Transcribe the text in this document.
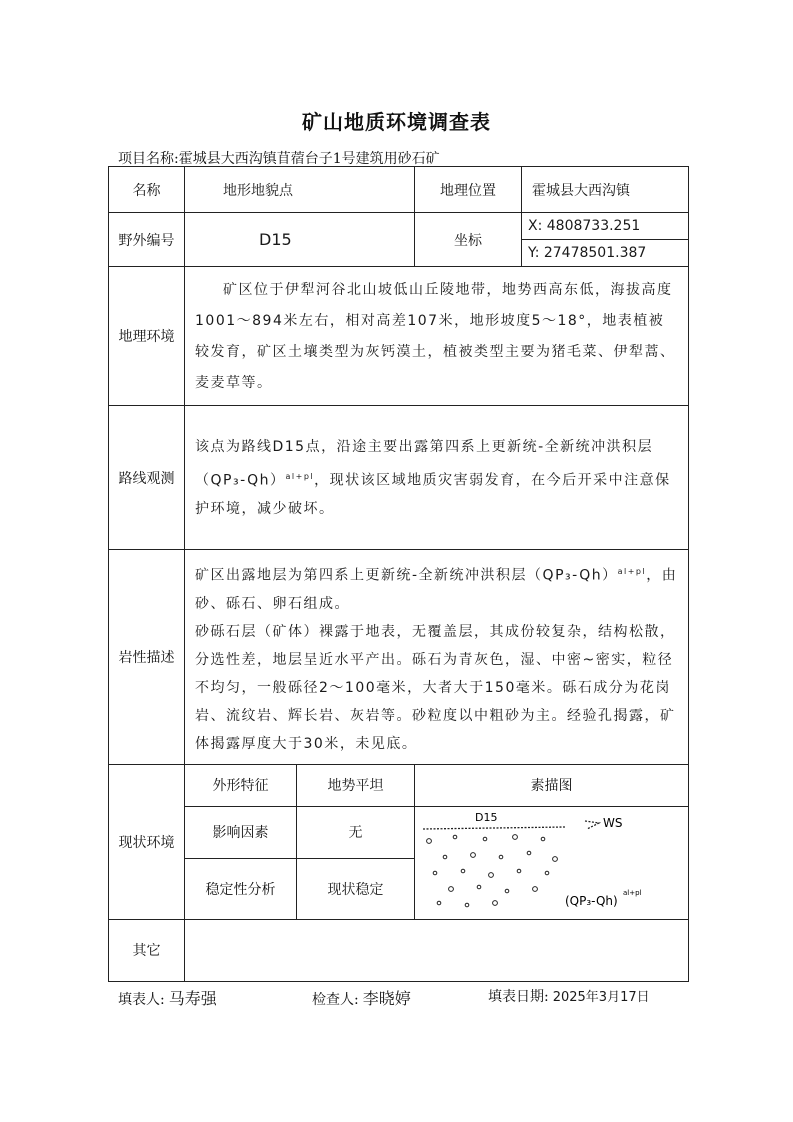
矿山地质环境调查表
项目名称:霍城县大西沟镇苜蓿台子1号建筑用砂石矿
名称	地形地貌点		地理位置	霍城县大西沟镇
野外编号	D15		坐标	X: 4808733.251
				Y: 27478501.387
地理环境	矿区位于伊犁河谷北山坡低山丘陵地带，地势西高东低，海拔高度1001～894米左右，相对高差107米，地形坡度5～18°，地表植被较发育，矿区土壤类型为灰钙漠土，植被类型主要为猪毛菜、伊犁蒿、麦麦草等。			

路线观测	该点为路线D15点，沿途主要出露第四系上更新统-全新统冲洪积层$(QP_3-Qh)^{al+pl}$，现状该区域地质灾害弱发育，在今后开采中注意保护环境，减少破坏。			

岩性描述	矿区出露地层为第四系上更新统-全新统冲洪积层$(QP_3-Qh)^{al+pl}$，由砂、砾石、卵石组成。

砂砾石层（矿体）裸露于地表，无覆盖层，其成份较复杂，结构松散，分选性差，地层呈近水平产出。砾石为青灰色，湿、中密~密实，粒径不均匀，一般砾径2～100毫米，大者大于150毫米。砾石成分为花岗岩、流纹岩、辉长岩、灰岩等。砂粒度以中粗砂为主。经验孔揭露，矿体揭露厚度大于30米，未见底。			

现状环境	外形特征	地势平坦	素描图	
	影响因素	无	D15 WS
(QP₃-Qh)
al+pl	

	稳定性分析	现状稳定		
其它				
填表人: 马寿强	检查人: 李晓婷	填表日期: 2025年3月17日
